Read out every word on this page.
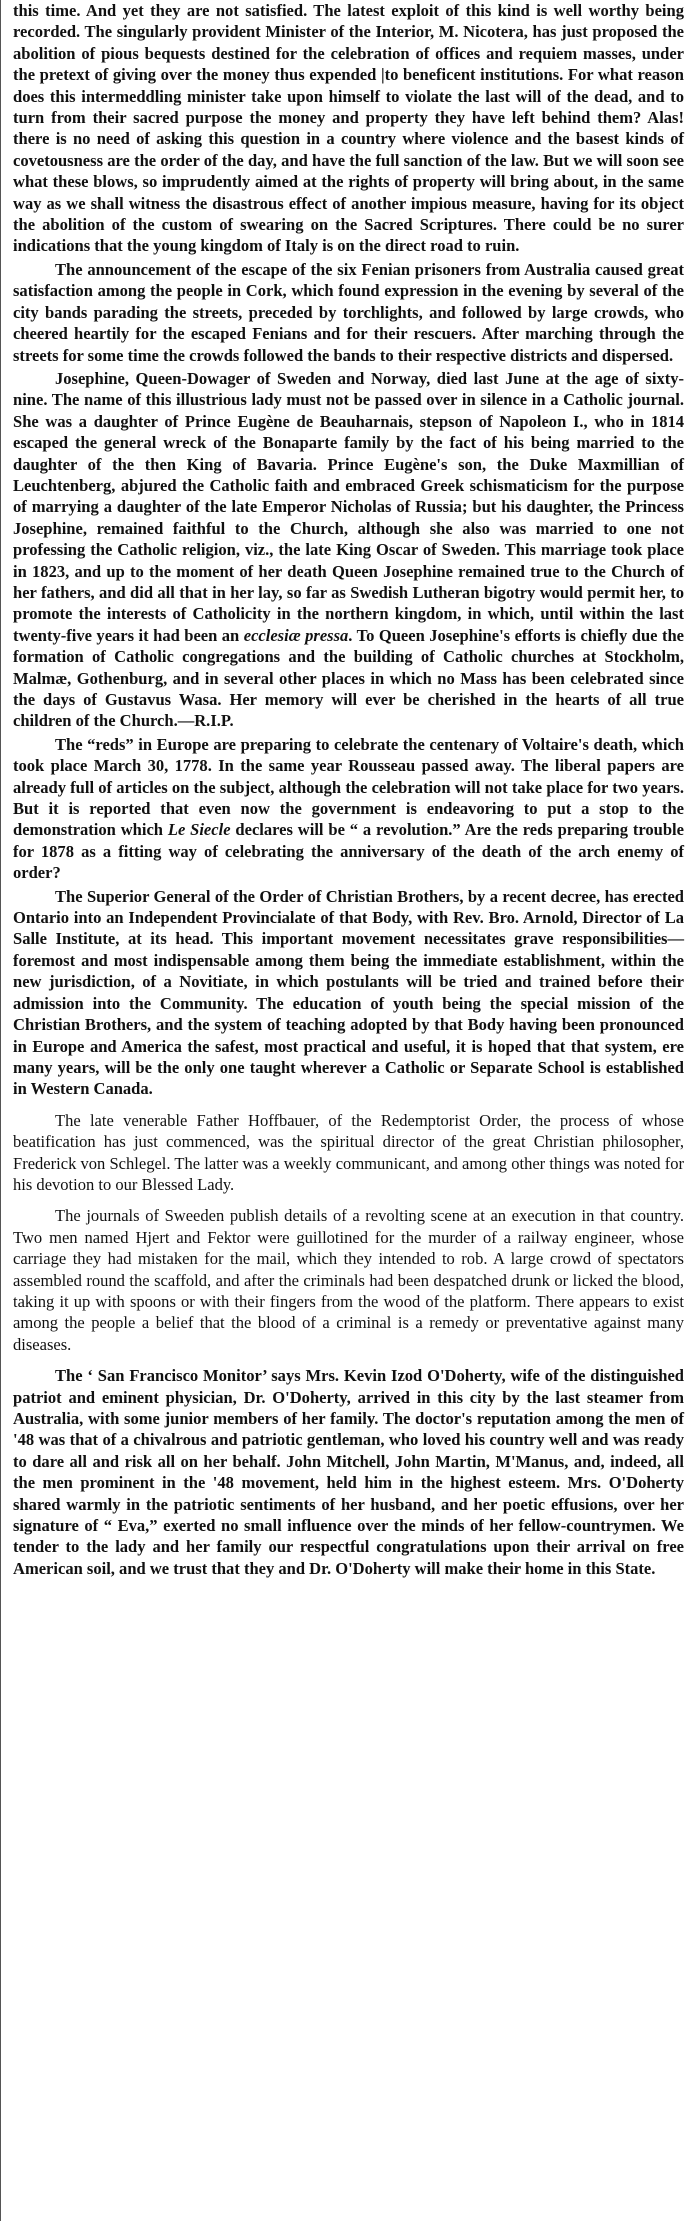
this time. And yet they are not satisfied. The latest exploit of this kind is well worthy being recorded. The singularly provident Minister of the Interior, M. Nicotera, has just proposed the abolition of pious bequests destined for the celebration of offices and requiem masses, under the pretext of giving over the money thus expended |to beneficent institutions. For what reason does this intermeddling minister take upon himself to violate the last will of the dead, and to turn from their sacred purpose the money and property they have left behind them? Alas! there is no need of asking this question in a country where violence and the basest kinds of covetousness are the order of the day, and have the full sanction of the law. But we will soon see what these blows, so imprudently aimed at the rights of property will bring about, in the same way as we shall witness the disastrous effect of another impious measure, having for its object the abolition of the custom of swearing on the Sacred Scriptures. There could be no surer indications that the young kingdom of Italy is on the direct road to ruin.

The announcement of the escape of the six Fenian prisoners from Australia caused great satisfaction among the people in Cork, which found expression in the evening by several of the city bands parading the streets, preceded by torchlights, and followed by large crowds, who cheered heartily for the escaped Fenians and for their rescuers. After marching through the streets for some time the crowds followed the bands to their respective districts and dispersed.

Josephine, Queen-Dowager of Sweden and Norway, died last June at the age of sixty-nine. The name of this illustrious lady must not be passed over in silence in a Catholic journal. She was a daughter of Prince Eugène de Beauharnais, stepson of Napoleon I., who in 1814 escaped the general wreck of the Bonaparte family by the fact of his being married to the daughter of the then King of Bavaria. Prince Eugène's son, the Duke Maxmillian of Leuchtenberg, abjured the Catholic faith and embraced Greek schismaticism for the purpose of marrying a daughter of the late Emperor Nicholas of Russia; but his daughter, the Princess Josephine, remained faithful to the Church, although she also was married to one not professing the Catholic religion, viz., the late King Oscar of Sweden. This marriage took place in 1823, and up to the moment of her death Queen Josephine remained true to the Church of her fathers, and did all that in her lay, so far as Swedish Lutheran bigotry would permit her, to promote the interests of Catholicity in the northern kingdom, in which, until within the last twenty-five years it had been an ecclesiæ pressa. To Queen Josephine's efforts is chiefly due the formation of Catholic congregations and the building of Catholic churches at Stockholm, Malmæ, Gothenburg, and in several other places in which no Mass has been celebrated since the days of Gustavus Wasa. Her memory will ever be cherished in the hearts of all true children of the Church.—R.I.P.

The “reds” in Europe are preparing to celebrate the centenary of Voltaire's death, which took place March 30, 1778. In the same year Rousseau passed away. The liberal papers are already full of articles on the subject, although the celebration will not take place for two years. But it is reported that even now the government is endeavoring to put a stop to the demonstration which Le Siecle declares will be “ a revolution.” Are the reds preparing trouble for 1878 as a fitting way of celebrating the anniversary of the death of the arch enemy of order?

The Superior General of the Order of Christian Brothers, by a recent decree, has erected Ontario into an Independent Provincialate of that Body, with Rev. Bro. Arnold, Director of La Salle Institute, at its head. This important movement necessitates grave responsibilities—foremost and most indispensable among them being the immediate establishment, within the new jurisdiction, of a Novitiate, in which postulants will be tried and trained before their admission into the Community. The education of youth being the special mission of the Christian Brothers, and the system of teaching adopted by that Body having been pronounced in Europe and America the safest, most practical and useful, it is hoped that that system, ere many years, will be the only one taught wherever a Catholic or Separate School is established in Western Canada.

The late venerable Father Hoffbauer, of the Redemptorist Order, the process of whose beatification has just commenced, was the spiritual director of the great Christian philosopher, Frederick von Schlegel. The latter was a weekly communicant, and among other things was noted for his devotion to our Blessed Lady.

The journals of Sweeden publish details of a revolting scene at an execution in that country. Two men named Hjert and Fektor were guillotined for the murder of a railway engineer, whose carriage they had mistaken for the mail, which they intended to rob. A large crowd of spectators assembled round the scaffold, and after the criminals had been despatched drunk or licked the blood, taking it up with spoons or with their fingers from the wood of the platform. There appears to exist among the people a belief that the blood of a criminal is a remedy or preventative against many diseases.

The ‘ San Francisco Monitor’ says Mrs. Kevin Izod O'Doherty, wife of the distinguished patriot and eminent physician, Dr. O'Doherty, arrived in this city by the last steamer from Australia, with some junior members of her family. The doctor's reputation among the men of '48 was that of a chivalrous and patriotic gentleman, who loved his country well and was ready to dare all and risk all on her behalf. John Mitchell, John Martin, M'Manus, and, indeed, all the men prominent in the '48 movement, held him in the highest esteem. Mrs. O'Doherty shared warmly in the patriotic sentiments of her husband, and her poetic effusions, over her signature of “ Eva,” exerted no small influence over the minds of her fellow-countrymen. We tender to the lady and her family our respectful congratulations upon their arrival on free American soil, and we trust that they and Dr. O'Doherty will make their home in this State.
